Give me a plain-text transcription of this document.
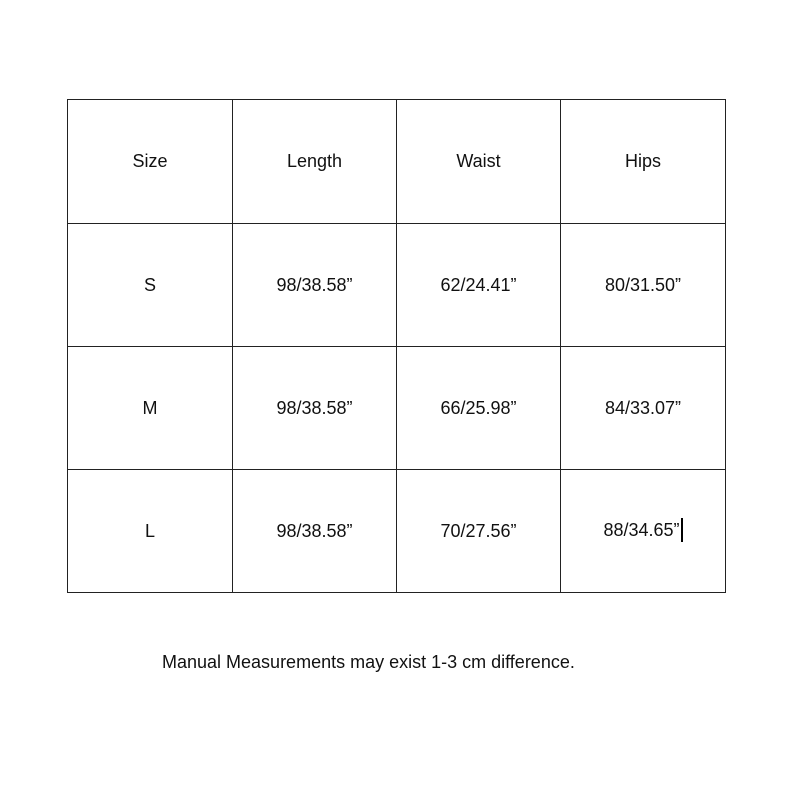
Size	Length	Waist	Hips
S	98/38.58”	62/24.41”	80/31.50”
M	98/38.58”	66/25.98”	84/33.07”
L	98/38.58”	70/27.56”	88/34.65”
Manual Measurements may exist 1-3 cm difference.
